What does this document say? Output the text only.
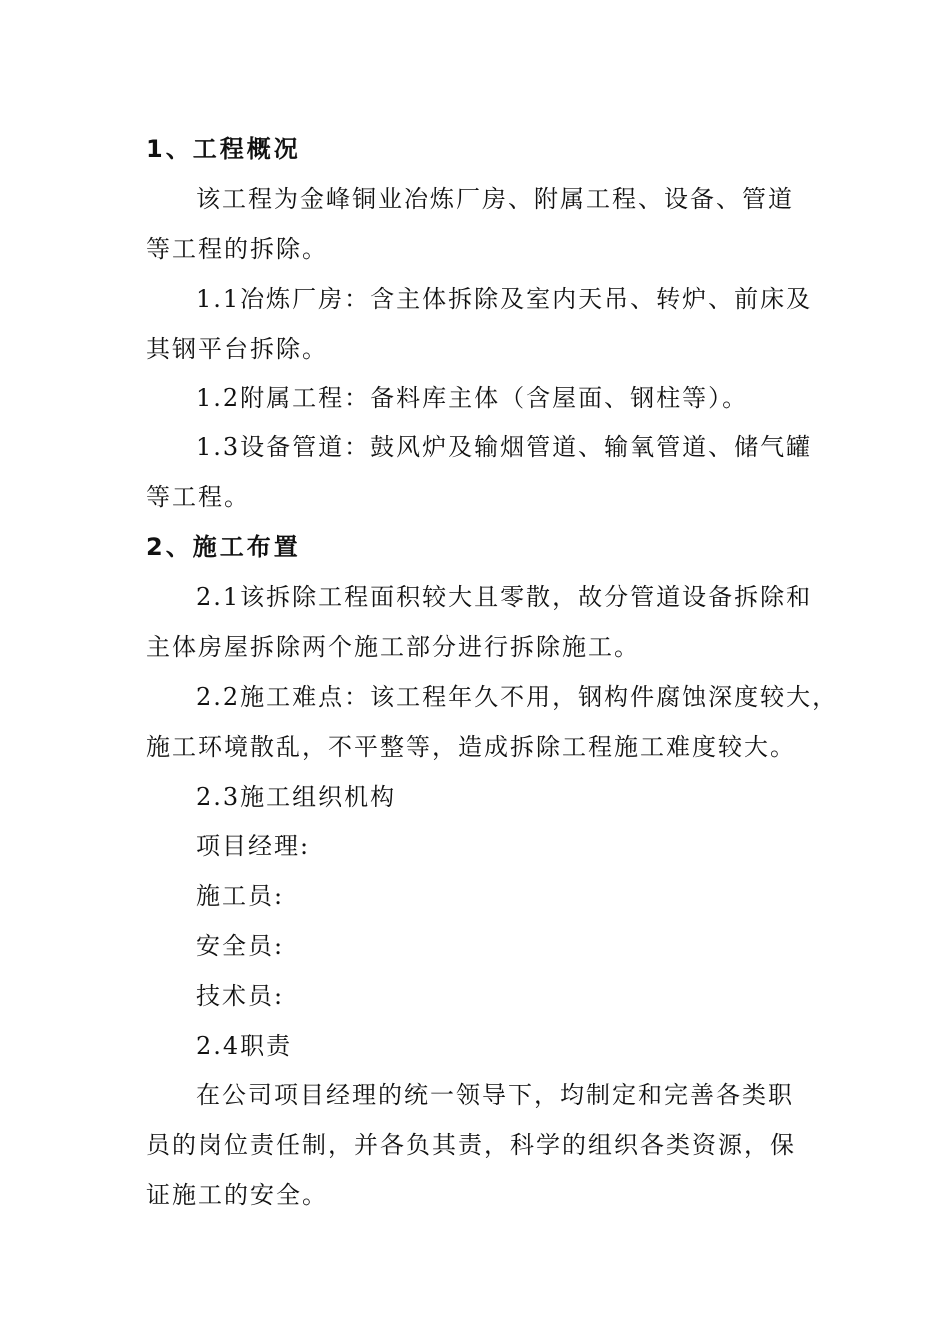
1、工程概况

该工程为金峰铜业冶炼厂房、附属工程、设备、管道

等工程的拆除。

1.1冶炼厂房：含主体拆除及室内天吊、转炉、前床及

其钢平台拆除。

1.2附属工程：备料库主体（含屋面、钢柱等）。

1.3设备管道：鼓风炉及输烟管道、输氧管道、储气罐

等工程。

2、施工布置

2.1该拆除工程面积较大且零散，故分管道设备拆除和

主体房屋拆除两个施工部分进行拆除施工。

2.2施工难点：该工程年久不用，钢构件腐蚀深度较大，

施工环境散乱，不平整等，造成拆除工程施工难度较大。

2.3施工组织机构

项目经理:

施工员:

安全员:

技术员:

2.4职责

在公司项目经理的统一领导下，均制定和完善各类职

员的岗位责任制，并各负其责，科学的组织各类资源，保

证施工的安全。
